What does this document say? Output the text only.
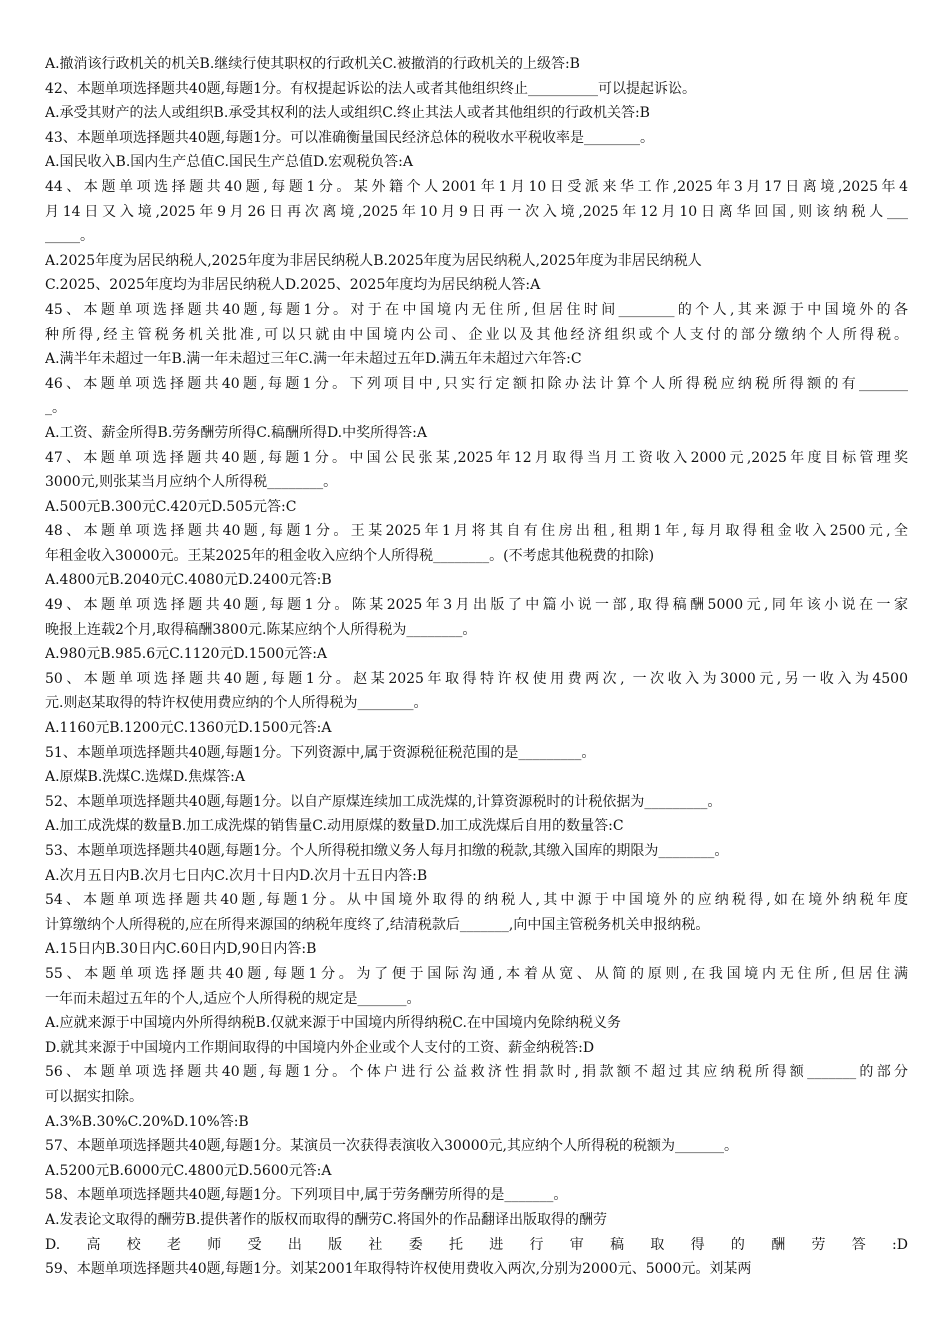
A.撤消该行政机关的机关B.继续行使其职权的行政机关C.被撤消的行政机关的上级答:B
42、本题单项选择题共40题,每题1分。有权提起诉讼的法人或者其他组织终止__________可以提起诉讼。
A.承受其财产的法人或组织B.承受其权利的法人或组织C.终止其法人或者其他组织的行政机关答:B
43、本题单项选择题共40题,每题1分。可以准确衡量国民经济总体的税收水平税收率是________。
A.国民收入B.国内生产总值C.国民生产总值D.宏观税负答:A
44、本题单项选择题共40题,每题1分。某外籍个人2001年1月10日受派来华工作,2025年3月17日离境,2025年4
月14日又入境,2025年9月26日再次离境,2025年10月9日再一次入境,2025年12月10日离华回国,则该纳税人___
_____。
A.2025年度为居民纳税人,2025年度为非居民纳税人B.2025年度为居民纳税人,2025年度为非居民纳税人
C.2025、2025年度均为非居民纳税人D.2025、2025年度均为居民纳税人答:A
45、本题单项选择题共40题,每题1分。对于在中国境内无住所,但居住时间________的个人,其来源于中国境外的各
种所得,经主管税务机关批准,可以只就由中国境内公司、企业以及其他经济组织或个人支付的部分缴纳个人所得税。
A.满半年未超过一年B.满一年未超过三年C.满一年未超过五年D.满五年未超过六年答:C
46、本题单项选择题共40题,每题1分。下列项目中,只实行定额扣除办法计算个人所得税应纳税所得额的有_______
_。
A.工资、薪金所得B.劳务酬劳所得C.稿酬所得D.中奖所得答:A
47、本题单项选择题共40题,每题1分。中国公民张某,2025年12月取得当月工资收入2000元,2025年度目标管理奖
3000元,则张某当月应纳个人所得税________。
A.500元B.300元C.420元D.505元答:C
48、本题单项选择题共40题,每题1分。王某2025年1月将其自有住房出租,租期1年,每月取得租金收入2500元,全
年租金收入30000元。王某2025年的租金收入应纳个人所得税________。(不考虑其他税费的扣除)
A.4800元B.2040元C.4080元D.2400元答:B
49、本题单项选择题共40题,每题1分。陈某2025年3月出版了中篇小说一部,取得稿酬5000元,同年该小说在一家
晚报上连载2个月,取得稿酬3800元.陈某应纳个人所得税为________。
A.980元B.985.6元C.1120元D.1500元答:A
50、本题单项选择题共40题,每题1分。赵某2025年取得特许权使用费两次, 一次收入为3000元,另一收入为4500
元.则赵某取得的特许权使用费应纳的个人所得税为________。
A.1160元B.1200元C.1360元D.1500元答:A
51、本题单项选择题共40题,每题1分。下列资源中,属于资源税征税范围的是_________。
A.原煤B.洗煤C.选煤D.焦煤答:A
52、本题单项选择题共40题,每题1分。以自产原煤连续加工成洗煤的,计算资源税时的计税依据为_________。
A.加工成洗煤的数量B.加工成洗煤的销售量C.动用原煤的数量D.加工成洗煤后自用的数量答:C
53、本题单项选择题共40题,每题1分。个人所得税扣缴义务人每月扣缴的税款,其缴入国库的期限为________。
A.次月五日内B.次月七日内C.次月十日内D.次月十五日内答:B
54、本题单项选择题共40题,每题1分。从中国境外取得的纳税人,其中源于中国境外的应纳税得,如在境外纳税年度
计算缴纳个人所得税的,应在所得来源国的纳税年度终了,结清税款后_______,向中国主管税务机关申报纳税。
A.15日内B.30日内C.60日内D,90日内答:B
55、本题单项选择题共40题,每题1分。为了便于国际沟通,本着从宽、从简的原则,在我国境内无住所,但居住满
一年而未超过五年的个人,适应个人所得税的规定是_______。
A.应就来源于中国境内外所得纳税B.仅就来源于中国境内所得纳税C.在中国境内免除纳税义务
D.就其来源于中国境内工作期间取得的中国境内外企业或个人支付的工资、薪金纳税答:D
56、本题单项选择题共40题,每题1分。个体户进行公益救济性捐款时,捐款额不超过其应纳税所得额_______的部分
可以据实扣除。
A.3%B.30%C.20%D.10%答:B
57、本题单项选择题共40题,每题1分。某演员一次获得表演收入30000元,其应纳个人所得税的税额为_______。
A.5200元B.6000元C.4800元D.5600元答:A
58、本题单项选择题共40题,每题1分。下列项目中,属于劳务酬劳所得的是_______。
A.发表论文取得的酬劳B.提供著作的版权而取得的酬劳C.将国外的作品翻译出版取得的酬劳
D.高校老师受出版社委托进行审稿取得的酬劳答:D
59、本题单项选择题共40题,每题1分。刘某2001年取得特许权使用费收入两次,分别为2000元、5000元。刘某两
